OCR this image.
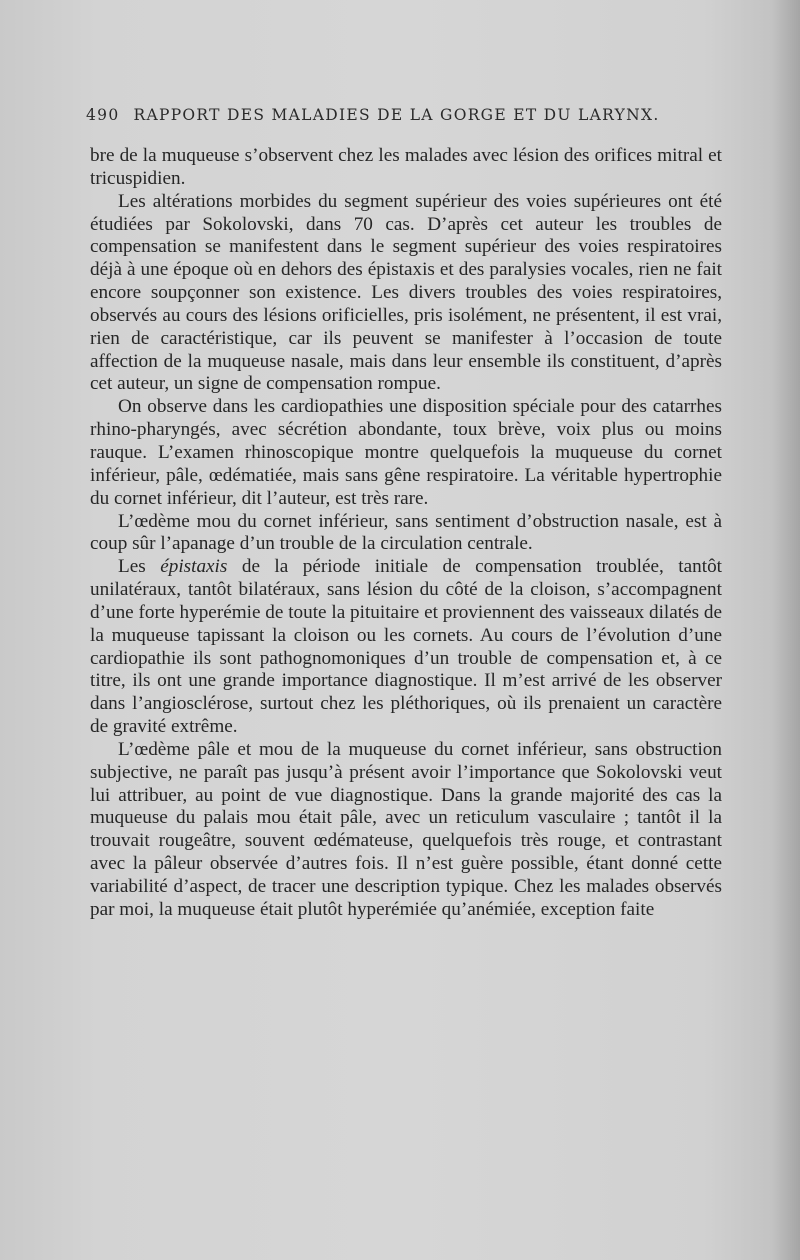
490 RAPPORT DES MALADIES DE LA GORGE ET DU LARYNX.

bre de la muqueuse s’observent chez les malades avec lésion des orifices mitral et tricuspidien.

Les altérations morbides du segment supérieur des voies supérieures ont été étudiées par Sokolovski, dans 70 cas. D’après cet auteur les troubles de compensation se manifestent dans le segment supérieur des voies respiratoires déjà à une époque où en dehors des épistaxis et des paralysies vocales, rien ne fait encore soupçonner son existence. Les divers troubles des voies respiratoires, observés au cours des lésions orificielles, pris isolément, ne présentent, il est vrai, rien de caractéristique, car ils peuvent se manifester à l’occasion de toute affection de la muqueuse nasale, mais dans leur ensemble ils constituent, d’après cet auteur, un signe de compensation rompue.

On observe dans les cardiopathies une disposition spéciale pour des catarrhes rhino-pharyngés, avec sécrétion abondante, toux brève, voix plus ou moins rauque. L’examen rhinoscopique montre quelquefois la muqueuse du cornet inférieur, pâle, œdématiée, mais sans gêne respiratoire. La véritable hypertrophie du cornet inférieur, dit l’auteur, est très rare.

L’œdème mou du cornet inférieur, sans sentiment d’obstruction nasale, est à coup sûr l’apanage d’un trouble de la circulation centrale.

Les épistaxis de la période initiale de compensation troublée, tantôt unilatéraux, tantôt bilatéraux, sans lésion du côté de la cloison, s’accompagnent d’une forte hyperémie de toute la pituitaire et proviennent des vaisseaux dilatés de la muqueuse tapissant la cloison ou les cornets. Au cours de l’évolution d’une cardiopathie ils sont pathognomoniques d’un trouble de compensation et, à ce titre, ils ont une grande importance diagnostique. Il m’est arrivé de les observer dans l’angiosclérose, surtout chez les pléthoriques, où ils prenaient un caractère de gravité extrême.

L’œdème pâle et mou de la muqueuse du cornet inférieur, sans obstruction subjective, ne paraît pas jusqu’à présent avoir l’importance que Sokolovski veut lui attribuer, au point de vue diagnostique. Dans la grande majorité des cas la muqueuse du palais mou était pâle, avec un reticulum vasculaire ; tantôt il la trouvait rougeâtre, souvent œdémateuse, quelquefois très rouge, et contrastant avec la pâleur observée d’autres fois. Il n’est guère possible, étant donné cette variabilité d’aspect, de tracer une description typique. Chez les malades observés par moi, la muqueuse était plutôt hyperémiée qu’anémiée, exception faite
